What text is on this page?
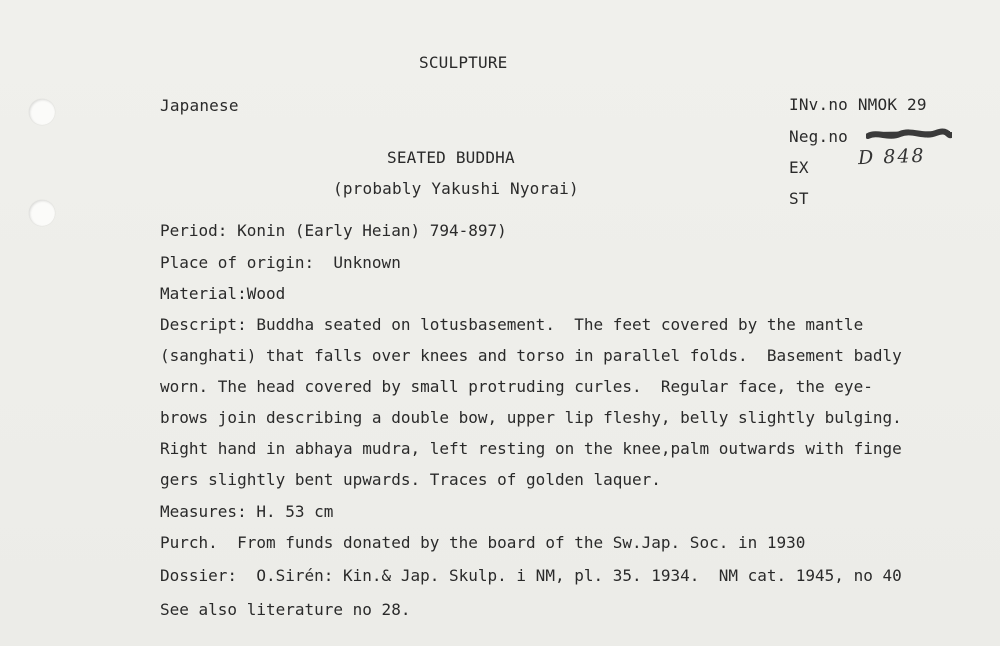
SCULPTURE
Japanese	INv.no NMOK 29
Neg.no
D 848
EX
ST
SEATED BUDDHA
(probably Yakushi Nyorai)
Period: Konin (Early Heian) 794-897)
Place of origin:  Unknown
Material:Wood
Descript: Buddha seated on lotusbasement.  The feet covered by the mantle
(sanghati) that falls over knees and torso in parallel folds.  Basement badly
worn. The head covered by small protruding curles.  Regular face, the eye-
brows join describing a double bow, upper lip fleshy, belly slightly bulging.
Right hand in abhaya mudra, left resting on the knee,palm outwards with finge
gers slightly bent upwards. Traces of golden laquer.
Measures: H. 53 cm
Purch.  From funds donated by the board of the Sw.Jap. Soc. in 1930
Dossier:  O.Sirén: Kin.& Jap. Skulp. i NM, pl. 35. 1934.  NM cat. 1945, no 40
See also literature no 28.
